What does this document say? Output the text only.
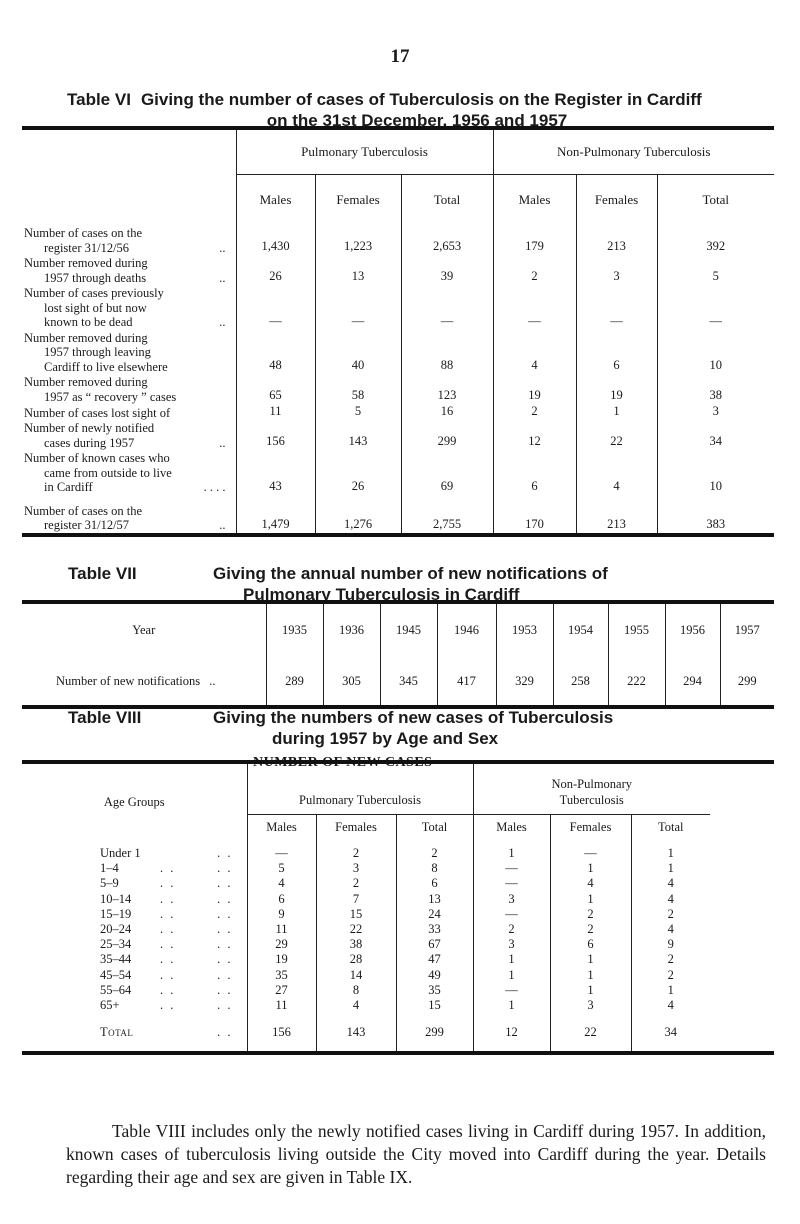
17
Table VI Giving the number of cases of Tuberculosis on the Register in Cardiff
on the 31st December, 1956 and 1957
	Pulmonary Tuberculosis			Non-Pulmonary Tuberculosis		
	Males	Females	Total	Males	Females	Total

Number of cases on the
register 31/12/56 ..	1,430	1,223	2,653	179	213	392

Number removed during
1957 through deaths ..	26	13	39	2	3	5

Number of cases previously
lost sight of but now
known to be dead ..	—	—	—	—	—	—

Number removed during
1957 through leaving
Cardiff to live elsewhere	48	40	88	4	6	10

Number removed during
1957 as “ recovery ” cases	65	58	123	19	19	38

Number of cases lost sight of	11	5	16	2	1	3

Number of newly notified
cases during 1957 ..	156	143	299	12	22	34

Number of known cases who
came from outside to live
in Cardiff . . . .	43	26	69	6	4	10

Number of cases on the
register 31/12/57 ..	1,479	1,276	2,755	170	213	383
Table VII	Giving the annual number of new notifications of
Pulmonary Tuberculosis in Cardiff
Year	1935	1936	1945	1946	1953	1954	1955	1956	1957
Number of new notifications ..	289	305	345	417	329	258	222	294	299
Table VIII	Giving the numbers of new cases of Tuberculosis
during 1957 by Age and Sex
NUMBER OF NEW CASES
Age Groups	Pulmonary Tuberculosis			Non-Pulmonary
Tuberculosis			

	Males	Females	Total	Males	Females	Total	

Under 1 . .	—	2	2	1	—	1	

1–4 . . . .	5	3	8	—	1	1	

5–9 . . . .	4	2	6	—	4	4	

10–14 . . . .	6	7	13	3	1	4	

15–19 . . . .	9	15	24	—	2	2	

20–24 . . . .	11	22	33	2	2	4	

25–34 . . . .	29	38	67	3	6	9	

35–44 . . . .	19	28	47	1	1	2	

45–54 . . . .	35	14	49	1	1	2	

55–64 . . . .	27	8	35	—	1	1	

65+ . . . .	11	4	15	1	3	4	

Total . .	156	143	299	12	22	34	

Table VIII includes only the newly notified cases living in Cardiff during 1957. In addition, known cases of tuberculosis living outside the City moved into Cardiff during the year. Details regarding their age and sex are given in Table IX.
